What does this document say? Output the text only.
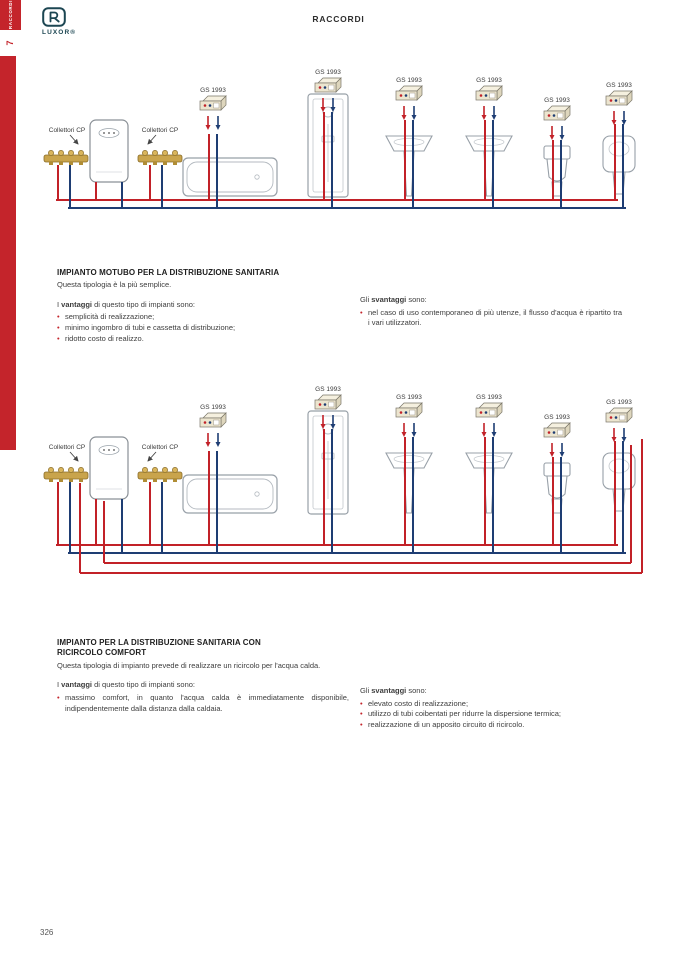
RACCORDI
7
LUXOR®
RACCORDI
Collettori CP	Collettori CP
GS 1993
GS 1993
GS 1993	GS 1993
GS 1993
GS 1993
IMPIANTO MOTUBO PER LA DISTRIBUZIONE SANITARIA

Questa tipologia è la più semplice.

I vantaggi di questo tipo di impianti sono:

• semplicità di realizzazione;
• minimo ingombro di tubi e cassetta di distribuzione;
• ridotto costo di realizzo.

Gli svantaggi sono:

• nel caso di uso contemporaneo di più utenze, il flusso d'acqua è ripartito tra i vari utilizzatori.
Collettori CP	Collettori CP
GS 1993
GS 1993
GS 1993	GS 1993
GS 1993
GS 1993
IMPIANTO PER LA DISTRIBUZIONE SANITARIA CON
RICIRCOLO COMFORT

Questa tipologia di impianto prevede di realizzare un ricircolo per l'acqua calda.

I vantaggi di questo tipo di impianti sono:

• massimo comfort, in quanto l'acqua calda è immediatamente disponibile, indipendentemente dalla distanza dalla caldaia.

Gli svantaggi sono:

• elevato costo di realizzazione;
• utilizzo di tubi coibentati per ridurre la dispersione termica;
• realizzazione di un apposito circuito di ricircolo.
326
